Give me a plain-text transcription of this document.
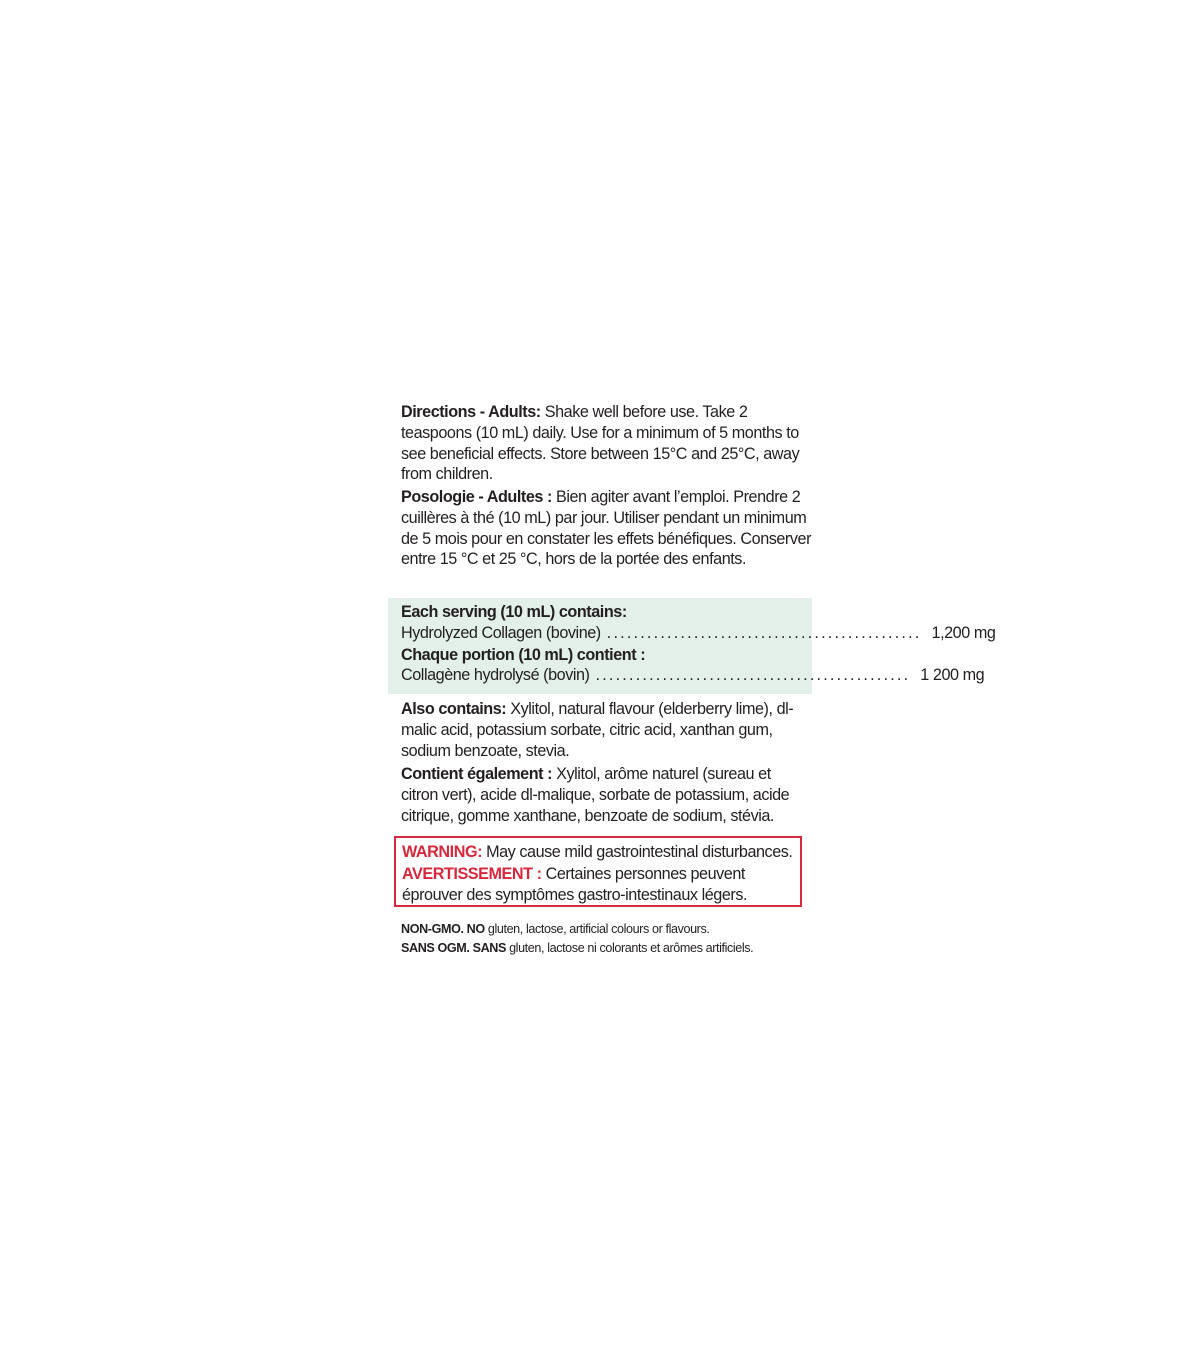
Directions - Adults: Shake well before use. Take 2 teaspoons (10 mL) daily. Use for a minimum of 5 months to see beneficial effects. Store between 15°C and 25°C, away from children.
Posologie - Adultes : Bien agiter avant l’emploi. Prendre 2 cuillères à thé (10 mL) par jour. Utiliser pendant un minimum de 5 mois pour en constater les effets bénéfiques. Conserver entre 15 °C et 25 °C, hors de la portée des enfants.
Each serving (10 mL) contains:
Hydrolyzed Collagen (bovine) ............................................... 1,200 mg
Chaque portion (10 mL) contient :
Collagène hydrolysé (bovin) ............................................... 1 200 mg
Also contains: Xylitol, natural flavour (elderberry lime), dl-malic acid, potassium sorbate, citric acid, xanthan gum, sodium benzoate, stevia.
Contient également : Xylitol, arôme naturel (sureau et citron vert), acide dl-malique, sorbate de potassium, acide citrique, gomme xanthane, benzoate de sodium, stévia.
WARNING: May cause mild gastrointestinal disturbances.
AVERTISSEMENT : Certaines personnes peuvent éprouver des symptômes gastro-intestinaux légers.
NON-GMO. NO gluten, lactose, artificial colours or flavours.
SANS OGM. SANS gluten, lactose ni colorants et arômes artificiels.
